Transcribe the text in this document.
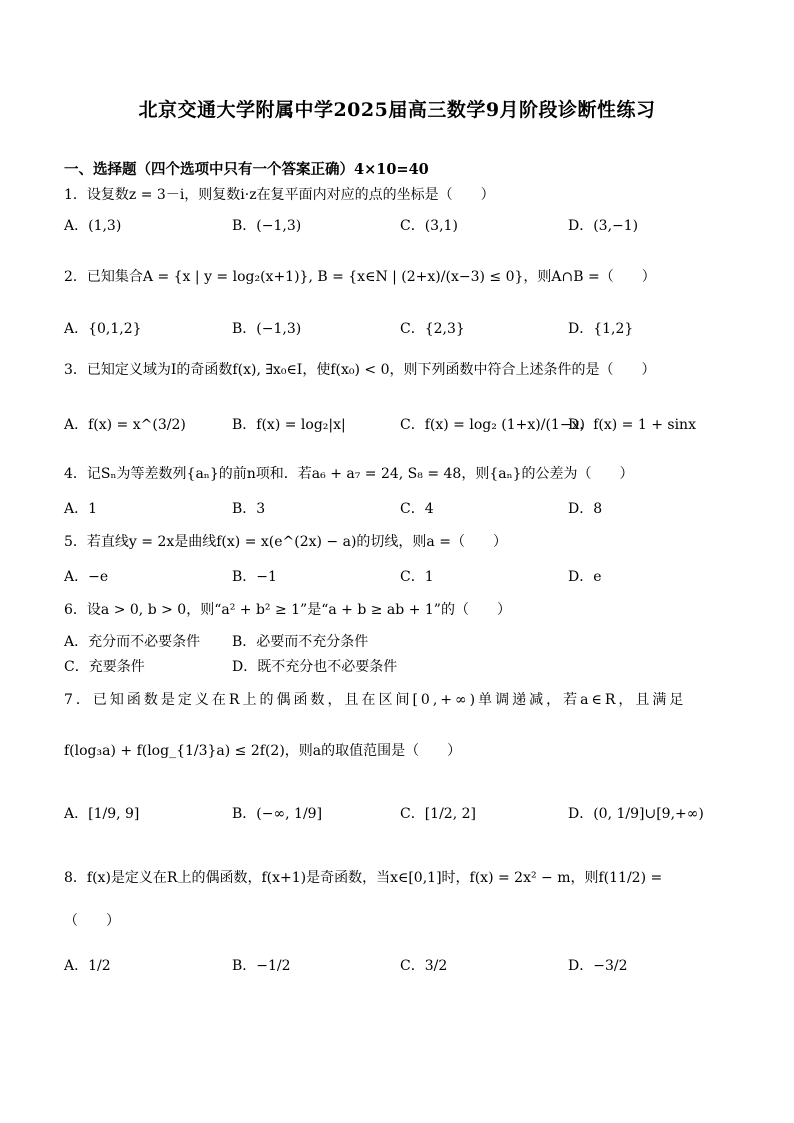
北京交通大学附属中学2025届高三数学9月阶段诊断性练习
一、选择题（四个选项中只有一个答案正确）4×10=40
1．设复数z = 3－i，则复数i·z在复平面内对应的点的坐标是（　　）
A．(1,3)	B．(−1,3)	C．(3,1)	D．(3,−1)
2．已知集合A = {x | y = log₂(x+1)}, B = {x∈N | (2+x)/(x−3) ≤ 0}，则A∩B =（　　）
A．{0,1,2}	B．(−1,3)	C．{2,3}	D．{1,2}
3．已知定义域为I的奇函数f(x), ∃x₀∈I，使f(x₀) < 0，则下列函数中符合上述条件的是（　　）
A．f(x) = x^(3/2)	B．f(x) = log₂|x|	C．f(x) = log₂ (1+x)/(1−x)
D．f(x) = 1 + sinx
4．记Sₙ为等差数列{aₙ}的前n项和．若a₆ + a₇ = 24, S₈ = 48，则{aₙ}的公差为（　　）
A．1	B．3	C．4	D．8
5．若直线y = 2x是曲线f(x) = x(e^(2x) − a)的切线，则a =（　　）
A．−e	B．−1	C．1	D．e
6．设a > 0, b > 0，则“a² + b² ≥ 1”是“a + b ≥ ab + 1”的（　　）
A．充分而不必要条件 B．必要而不充分条件
C．充要条件	D．既不充分也不必要条件
7．已知函数是定义在R上的偶函数，且在区间[0,+∞)单调递减，若a∈R，且满足
f(log₃a) + f(log_{1/3}a) ≤ 2f(2)，则a的取值范围是（　　）
A．[1/9, 9]	B．(−∞, 1/9]	C．[1/2, 2]	D．(0, 1/9]∪[9,+∞)
8．f(x)是定义在R上的偶函数，f(x+1)是奇函数，当x∈[0,1]时，f(x) = 2x² − m，则f(11/2) =
（　　）
A．1/2	B．−1/2	C．3/2	D．−3/2
